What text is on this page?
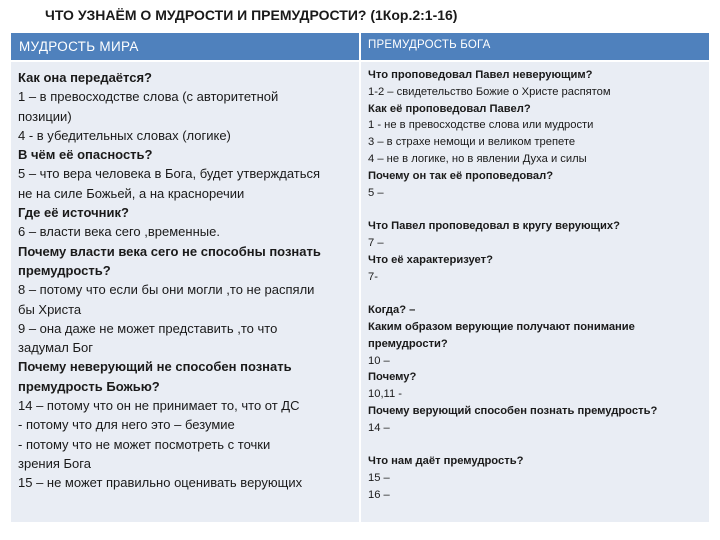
ЧТО УЗНАЁМ О МУДРОСТИ И ПРЕМУДРОСТИ? (1Кор.2:1-16)
МУДРОСТЬ МИРА	ПРЕМУДРОСТЬ БОГА
Как она передаётся?
1 – в превосходстве слова (с авторитетной
позиции)
4 - в убедительных словах (логике)
В чём её опасность?
5 – что вера человека в Бога, будет утверждаться
не на силе Божьей, а на красноречии
Где её источник?
6 – власти века сего ,временные.
Почему власти века сего не способны познать
премудрость?
8 – потому что если бы они могли ,то не распяли
бы Христа
9 – она даже не может представить ,то что
задумал Бог
Почему неверующий не способен познать
премудрость Божью?
14 – потому что он не принимает то, что от ДС
- потому что для него это – безумие
- потому что не может посмотреть с точки
зрения Бога
15 – не может правильно оценивать верующих
Что проповедовал Павел неверующим?
1-2 – свидетельство Божие о Христе распятом
Как её проповедовал Павел?
1 - не в превосходстве слова или мудрости
3 – в страхе немощи и великом трепете
4 – не в логике, но в явлении Духа и силы
Почему он так её проповедовал?
5 –
Что Павел проповедовал в кругу верующих?
7 –
Что её характеризует?
7-
Когда? –
Каким образом верующие получают понимание
премудрости?
10 –
Почему?
10,11 -
Почему верующий способен познать премудрость?
14 –
Что нам даёт премудрость?
15 –
16 –
